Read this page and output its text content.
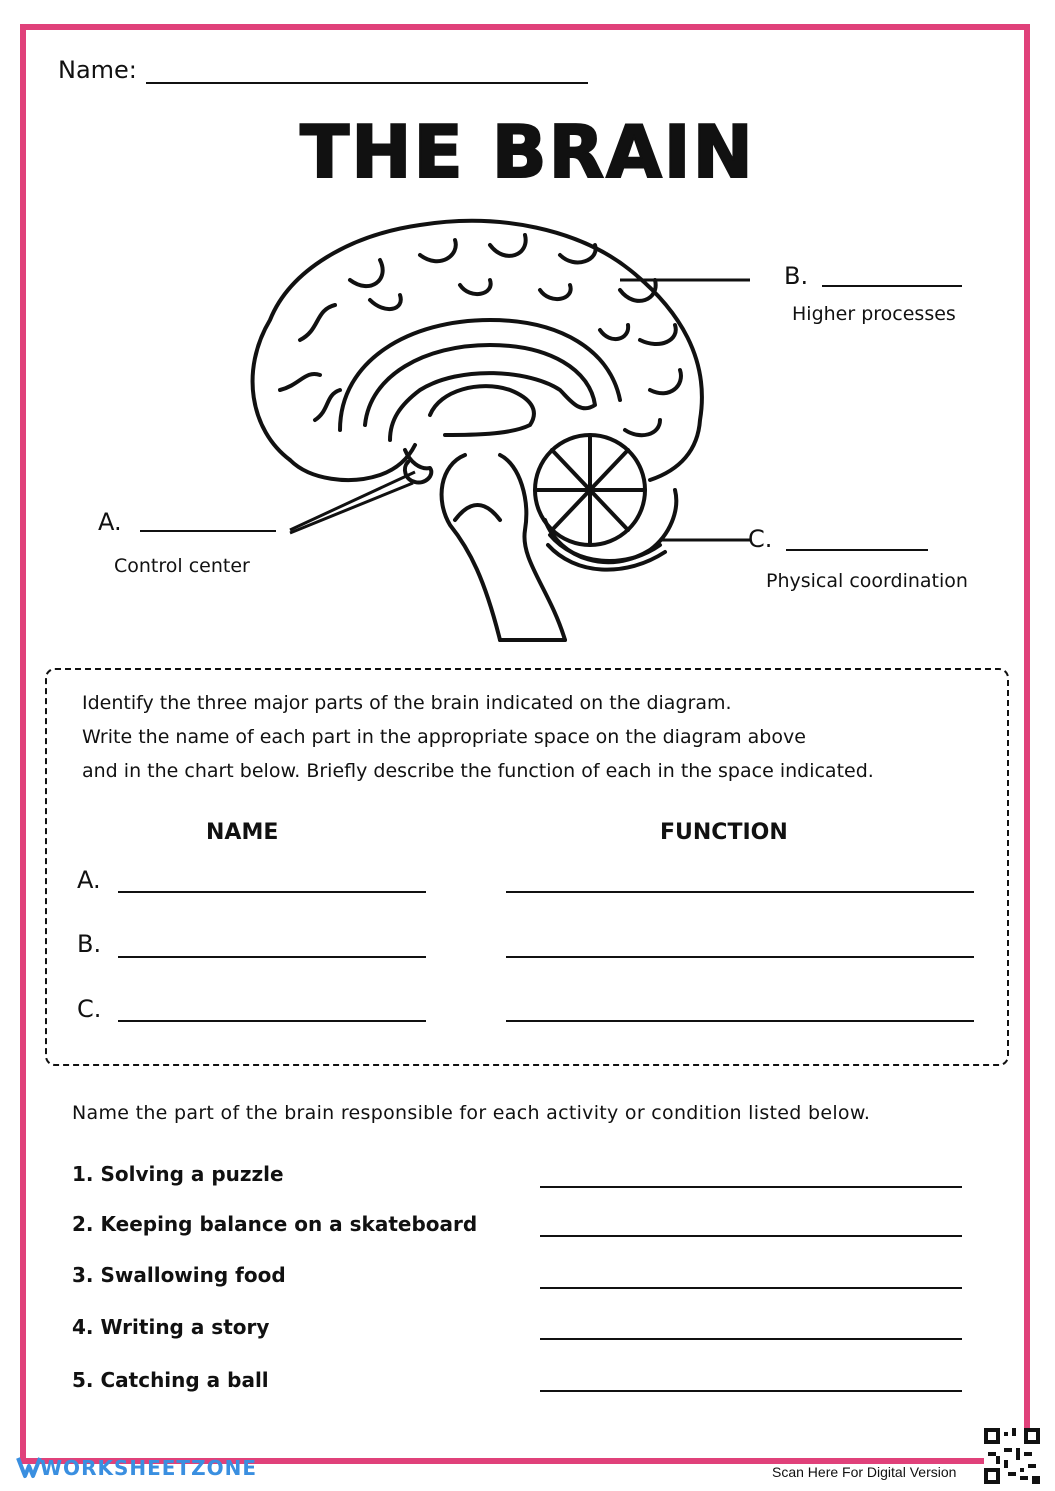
Name:
THE BRAIN
A.
Control center
B.
Higher processes
C.
Physical coordination
Identify the three major parts of the brain indicated on the diagram.
Write the name of each part in the appropriate space on the diagram above
and in the chart below. Briefly describe the function of each in the space indicated.
NAME	FUNCTION
A.
B.
C.
Name the part of the brain responsible for each activity or condition listed below.
1. Solving a puzzle
2. Keeping balance on a skateboard
3. Swallowing food
4. Writing a story
5. Catching a ball
WORKSHEETZONE	Scan Here For Digital Version
